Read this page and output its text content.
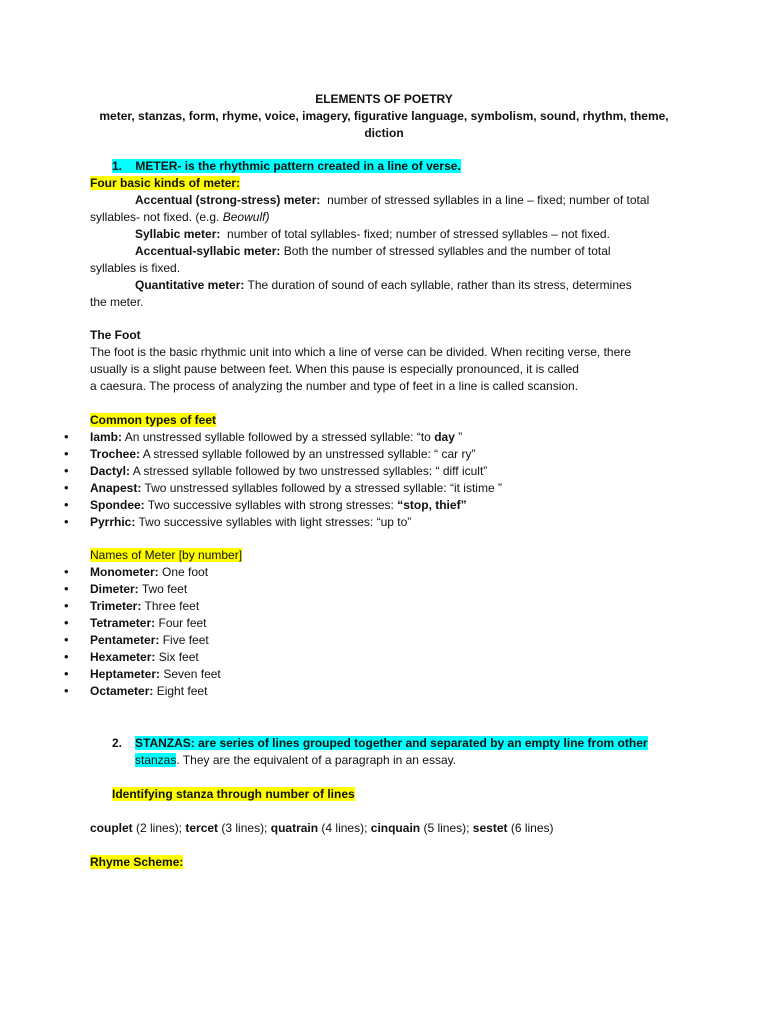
ELEMENTS OF POETRY
meter, stanzas, form, rhyme, voice, imagery, figurative language, symbolism, sound, rhythm, theme,
diction
1. METER- is the rhythmic pattern created in a line of verse.
Four basic kinds of meter:
Accentual (strong-stress) meter: number of stressed syllables in a line – fixed; number of total
syllables- not fixed. (e.g. Beowulf)
Syllabic meter: number of total syllables- fixed; number of stressed syllables – not fixed.
Accentual-syllabic meter: Both the number of stressed syllables and the number of total
syllables is fixed.
Quantitative meter: The duration of sound of each syllable, rather than its stress, determines
the meter.
The Foot
The foot is the basic rhythmic unit into which a line of verse can be divided. When reciting verse, there
usually is a slight pause between feet. When this pause is especially pronounced, it is called
a caesura. The process of analyzing the number and type of feet in a line is called scansion.
Common types of feet
• Iamb: An unstressed syllable followed by a stressed syllable: “to day ”
• Trochee: A stressed syllable followed by an unstressed syllable: “ car ry”
• Dactyl: A stressed syllable followed by two unstressed syllables: “ diff icult”
• Anapest: Two unstressed syllables followed by a stressed syllable: “it istime ”
• Spondee: Two successive syllables with strong stresses: “stop, thief”
• Pyrrhic: Two successive syllables with light stresses: “up to”
Names of Meter [by number]
• Monometer: One foot
• Dimeter: Two feet
• Trimeter: Three feet
• Tetrameter: Four feet
• Pentameter: Five feet
• Hexameter: Six feet
• Heptameter: Seven feet
• Octameter: Eight feet
2. STANZAS: are series of lines grouped together and separated by an empty line from other
stanzas. They are the equivalent of a paragraph in an essay.
Identifying stanza through number of lines
couplet (2 lines); tercet (3 lines); quatrain (4 lines); cinquain (5 lines); sestet (6 lines)
Rhyme Scheme:
